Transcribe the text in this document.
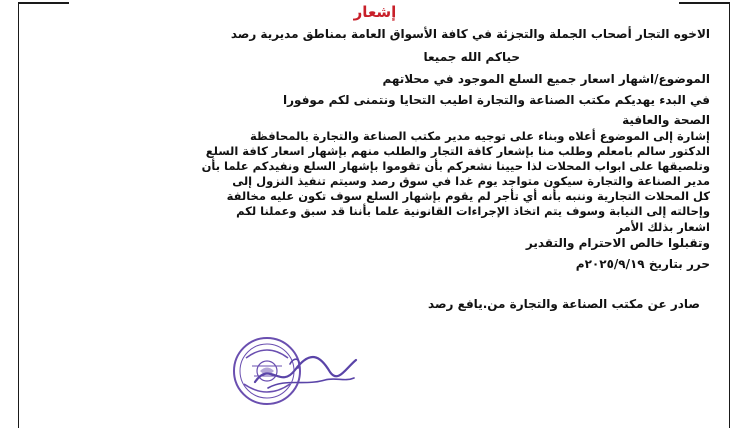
إشعار
الاخوه التجار أصحاب الجملة والتجزئة في كافة الأسواق العامة بمناطق مديرية رصد
حياكم الله جميعا
الموضوع/اشهار اسعار جميع السلع الموجود في محلاتهم
في البدء يهديكم مكتب الصناعة والتجارة اطيب التحايا ونتمنى لكم موفورا
الصحة والعافية
إشارة إلى الموضوع أعلاه وبناء على توجيه مدير مكتب الصناعة والتجارة بالمحافظة
الدكتور سالم بامعلم وطلب منا بإشعار كافة التجار والطلب منهم بإشهار اسعار كافة السلع
وتلصيقها على ابواب المحلات لذا حيينا نشعركم بأن تقوموا بإشهار السلع ونفيدكم علما بأن
مدير الصناعة والتجارة سيكون متواجد يوم غدا في سوق رصد وسيتم تنفيذ النزول إلى
كل المحلات التجارية وننبه بأنه أي تأجر لم يقوم بإشهار السلع سوف تكون عليه مخالفة
وإحالته إلى النيابة وسوف يتم اتخاذ الإجراءات القانونية علما بأننا قد سبق وعملنا لكم
اشعار بذلك الأمر
وتقبلوا خالص الاحترام والتقدير
حرر بتاريخ ٢٠٢٥/٩/١٩م
صادر عن مكتب الصناعة والتجارة من.يافع رصد
